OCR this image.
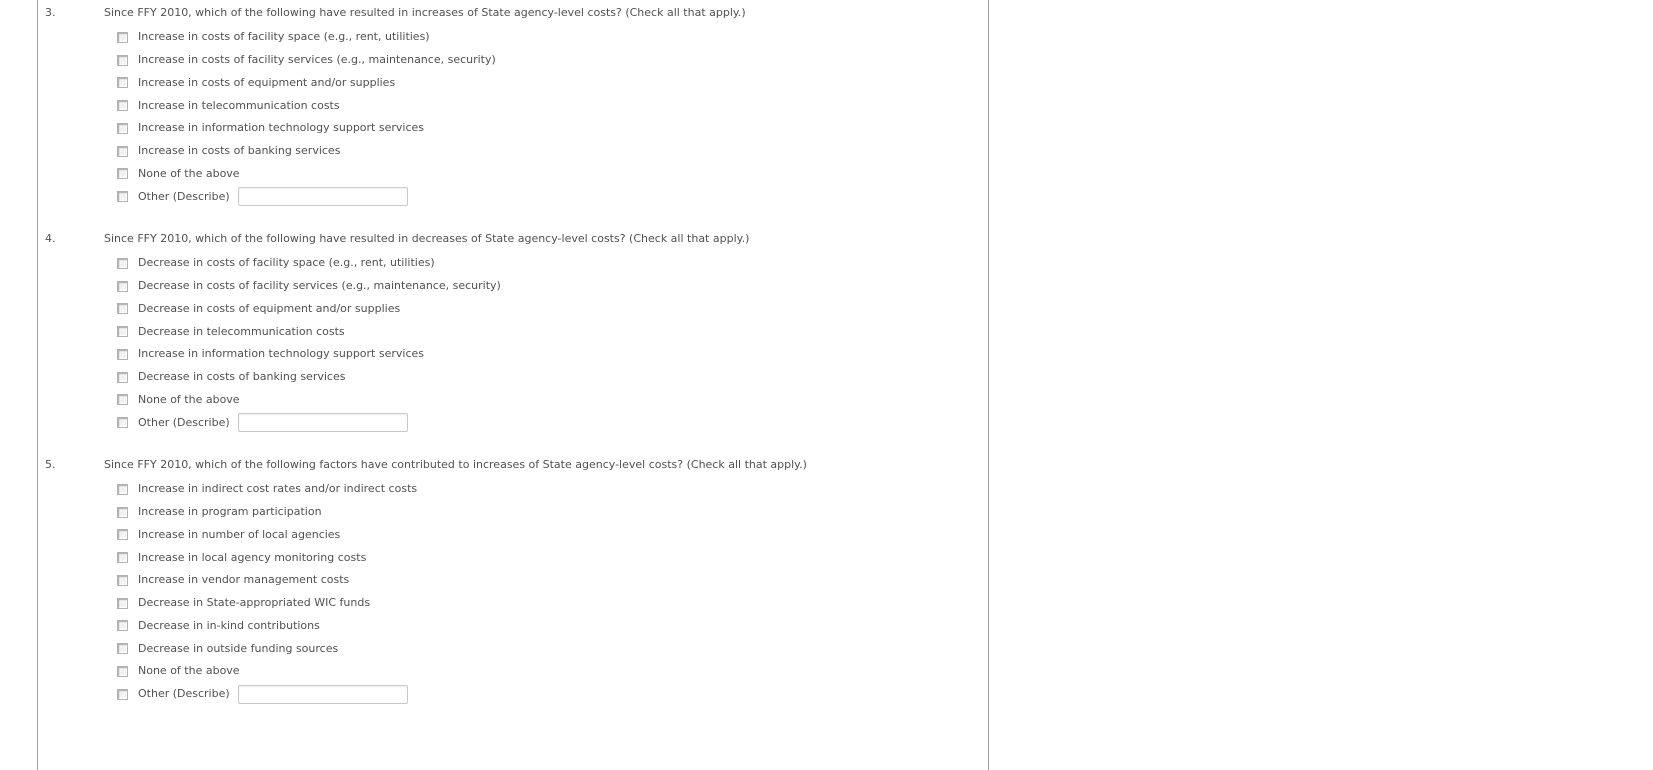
3.	Since FFY 2010, which of the following have resulted in increases of State agency-level costs? (Check all that apply.)
Increase in costs of facility space (e.g., rent, utilities)
Increase in costs of facility services (e.g., maintenance, security)
Increase in costs of equipment and/or supplies
Increase in telecommunication costs
Increase in information technology support services
Increase in costs of banking services
None of the above
Other (Describe)
4.	Since FFY 2010, which of the following have resulted in decreases of State agency-level costs? (Check all that apply.)
Decrease in costs of facility space (e.g., rent, utilities)
Decrease in costs of facility services (e.g., maintenance, security)
Decrease in costs of equipment and/or supplies
Decrease in telecommunication costs
Increase in information technology support services
Decrease in costs of banking services
None of the above
Other (Describe)
5.	Since FFY 2010, which of the following factors have contributed to increases of State agency-level costs? (Check all that apply.)
Increase in indirect cost rates and/or indirect costs
Increase in program participation
Increase in number of local agencies
Increase in local agency monitoring costs
Increase in vendor management costs
Decrease in State-appropriated WIC funds
Decrease in in-kind contributions
Decrease in outside funding sources
None of the above
Other (Describe)
